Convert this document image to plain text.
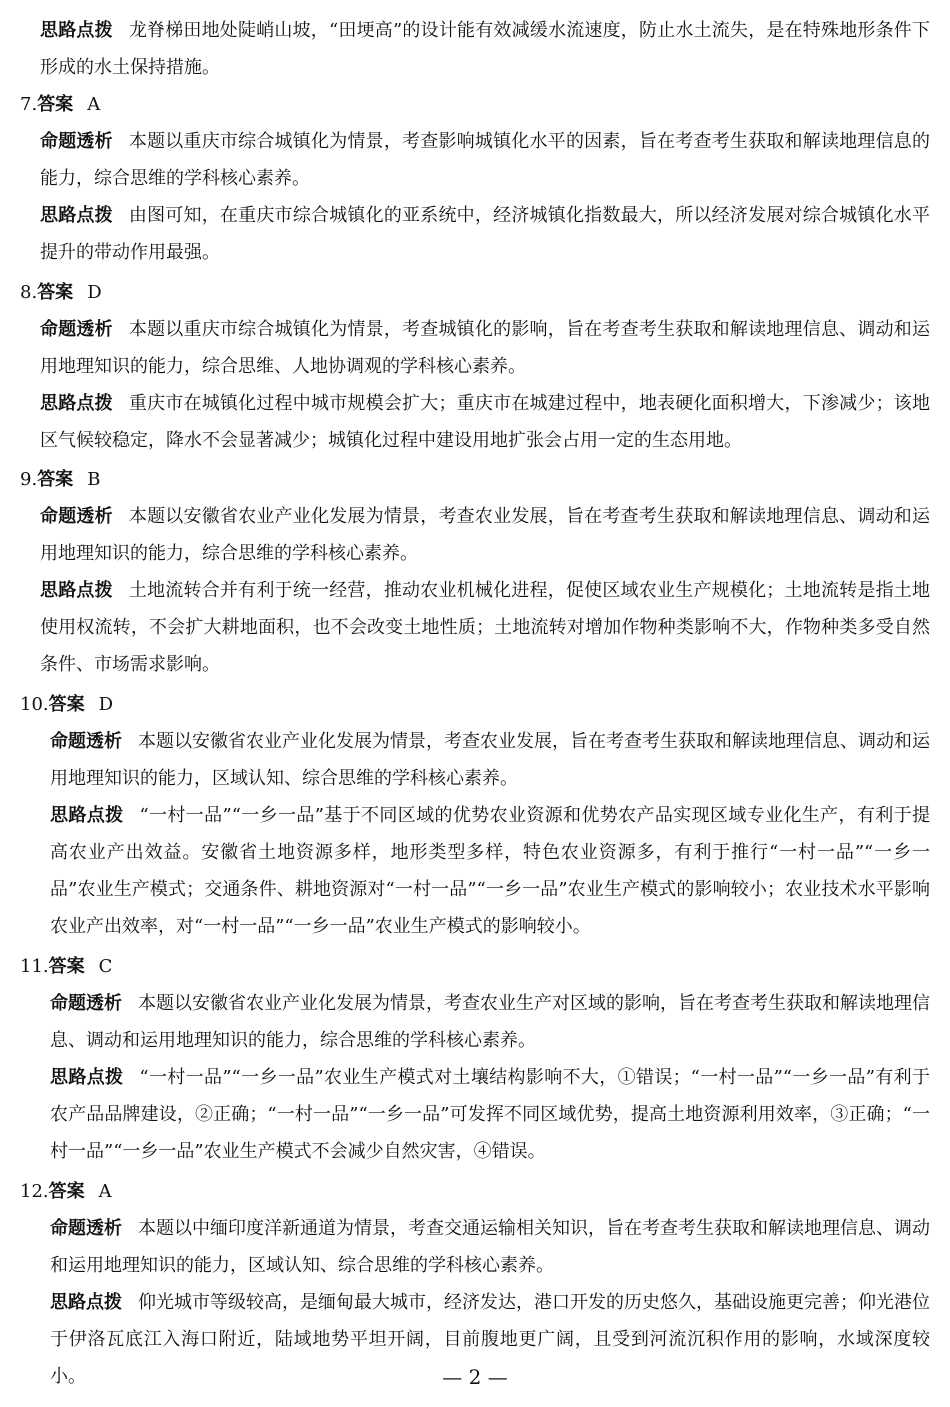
思路点拨 龙脊梯田地处陡峭山坡，“田埂高”的设计能有效减缓水流速度，防止水土流失，是在特殊地形条件下形成的水土保持措施。

7.答案 A

命题透析 本题以重庆市综合城镇化为情景，考查影响城镇化水平的因素，旨在考查考生获取和解读地理信息的能力，综合思维的学科核心素养。

思路点拨 由图可知，在重庆市综合城镇化的亚系统中，经济城镇化指数最大，所以经济发展对综合城镇化水平提升的带动作用最强。

8.答案 D

命题透析 本题以重庆市综合城镇化为情景，考查城镇化的影响，旨在考查考生获取和解读地理信息、调动和运用地理知识的能力，综合思维、人地协调观的学科核心素养。

思路点拨 重庆市在城镇化过程中城市规模会扩大；重庆市在城建过程中，地表硬化面积增大，下渗减少；该地区气候较稳定，降水不会显著减少；城镇化过程中建设用地扩张会占用一定的生态用地。

9.答案 B

命题透析 本题以安徽省农业产业化发展为情景，考查农业发展，旨在考查考生获取和解读地理信息、调动和运用地理知识的能力，综合思维的学科核心素养。

思路点拨 土地流转合并有利于统一经营，推动农业机械化进程，促使区域农业生产规模化；土地流转是指土地使用权流转，不会扩大耕地面积，也不会改变土地性质；土地流转对增加作物种类影响不大，作物种类多受自然条件、市场需求影响。

10.答案 D

命题透析 本题以安徽省农业产业化发展为情景，考查农业发展，旨在考查考生获取和解读地理信息、调动和运用地理知识的能力，区域认知、综合思维的学科核心素养。

思路点拨 “一村一品”“一乡一品”基于不同区域的优势农业资源和优势农产品实现区域专业化生产，有利于提高农业产出效益。安徽省土地资源多样，地形类型多样，特色农业资源多，有利于推行“一村一品”“一乡一品”农业生产模式；交通条件、耕地资源对“一村一品”“一乡一品”农业生产模式的影响较小；农业技术水平影响农业产出效率，对“一村一品”“一乡一品”农业生产模式的影响较小。

11.答案 C

命题透析 本题以安徽省农业产业化发展为情景，考查农业生产对区域的影响，旨在考查考生获取和解读地理信息、调动和运用地理知识的能力，综合思维的学科核心素养。

思路点拨 “一村一品”“一乡一品”农业生产模式对土壤结构影响不大，①错误；“一村一品”“一乡一品”有利于农产品品牌建设，②正确；“一村一品”“一乡一品”可发挥不同区域优势，提高土地资源利用效率，③正确；“一村一品”“一乡一品”农业生产模式不会减少自然灾害，④错误。

12.答案 A

命题透析 本题以中缅印度洋新通道为情景，考查交通运输相关知识，旨在考查考生获取和解读地理信息、调动和运用地理知识的能力，区域认知、综合思维的学科核心素养。

思路点拨 仰光城市等级较高，是缅甸最大城市，经济发达，港口开发的历史悠久，基础设施更完善；仰光港位于伊洛瓦底江入海口附近，陆域地势平坦开阔，目前腹地更广阔，且受到河流沉积作用的影响，水域深度较小。	— 2 —
